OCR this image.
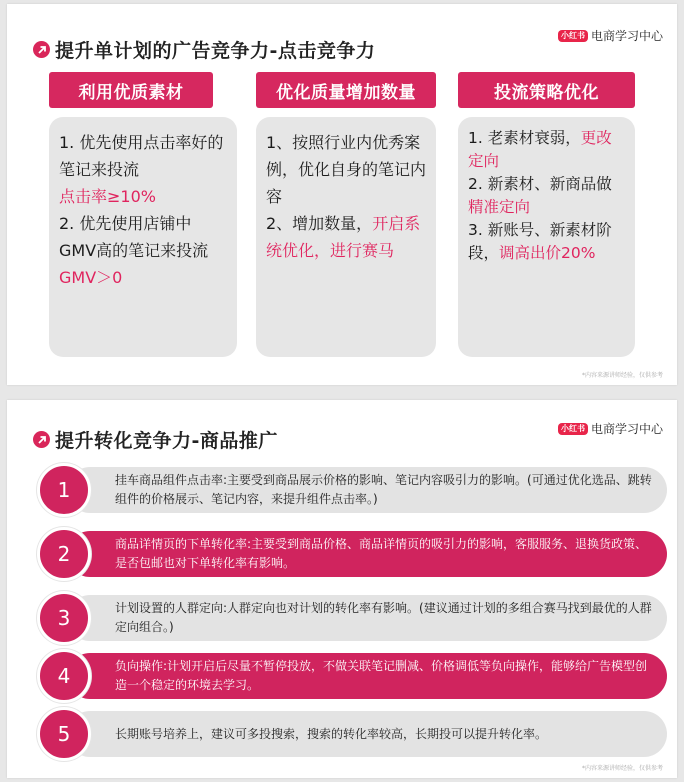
提升单计划的广告竞争力-点击竞争力
小红书 电商学习中心
利用优质素材
1. 优先使用点击率好的笔记来投流
点击率≥10%
2. 优先使用店铺中GMV高的笔记来投流
GMV＞0
优化质量增加数量
1、按照行业内优秀案例，优化自身的笔记内容
2、增加数量，开启系统优化，进行赛马
投流策略优化
1. 老素材衰弱，更改定向
2. 新素材、新商品做精准定向
3. 新账号、新素材阶段，调高出价20%
*内容来源讲师经验，仅供参考
提升转化竞争力-商品推广
小红书 电商学习中心
挂车商品组件点击率:主要受到商品展示价格的影响、笔记内容吸引力的影响。(可通过优化选品、跳转组件的价格展示、笔记内容，来提升组件点击率。)
1
商品详情页的下单转化率:主要受到商品价格、商品详情页的吸引力的影响，客服服务、退换货政策、是否包邮也对下单转化率有影响。
2
计划设置的人群定向:人群定向也对计划的转化率有影响。(建议通过计划的多组合赛马找到最优的人群定向组合。)
3
负向操作:计划开启后尽量不暂停投放，不做关联笔记删减、价格调低等负向操作，能够给广告模型创造一个稳定的环境去学习。
4
长期账号培养上，建议可多投搜索，搜索的转化率较高，长期投可以提升转化率。
5
*内容来源讲师经验，仅供参考
